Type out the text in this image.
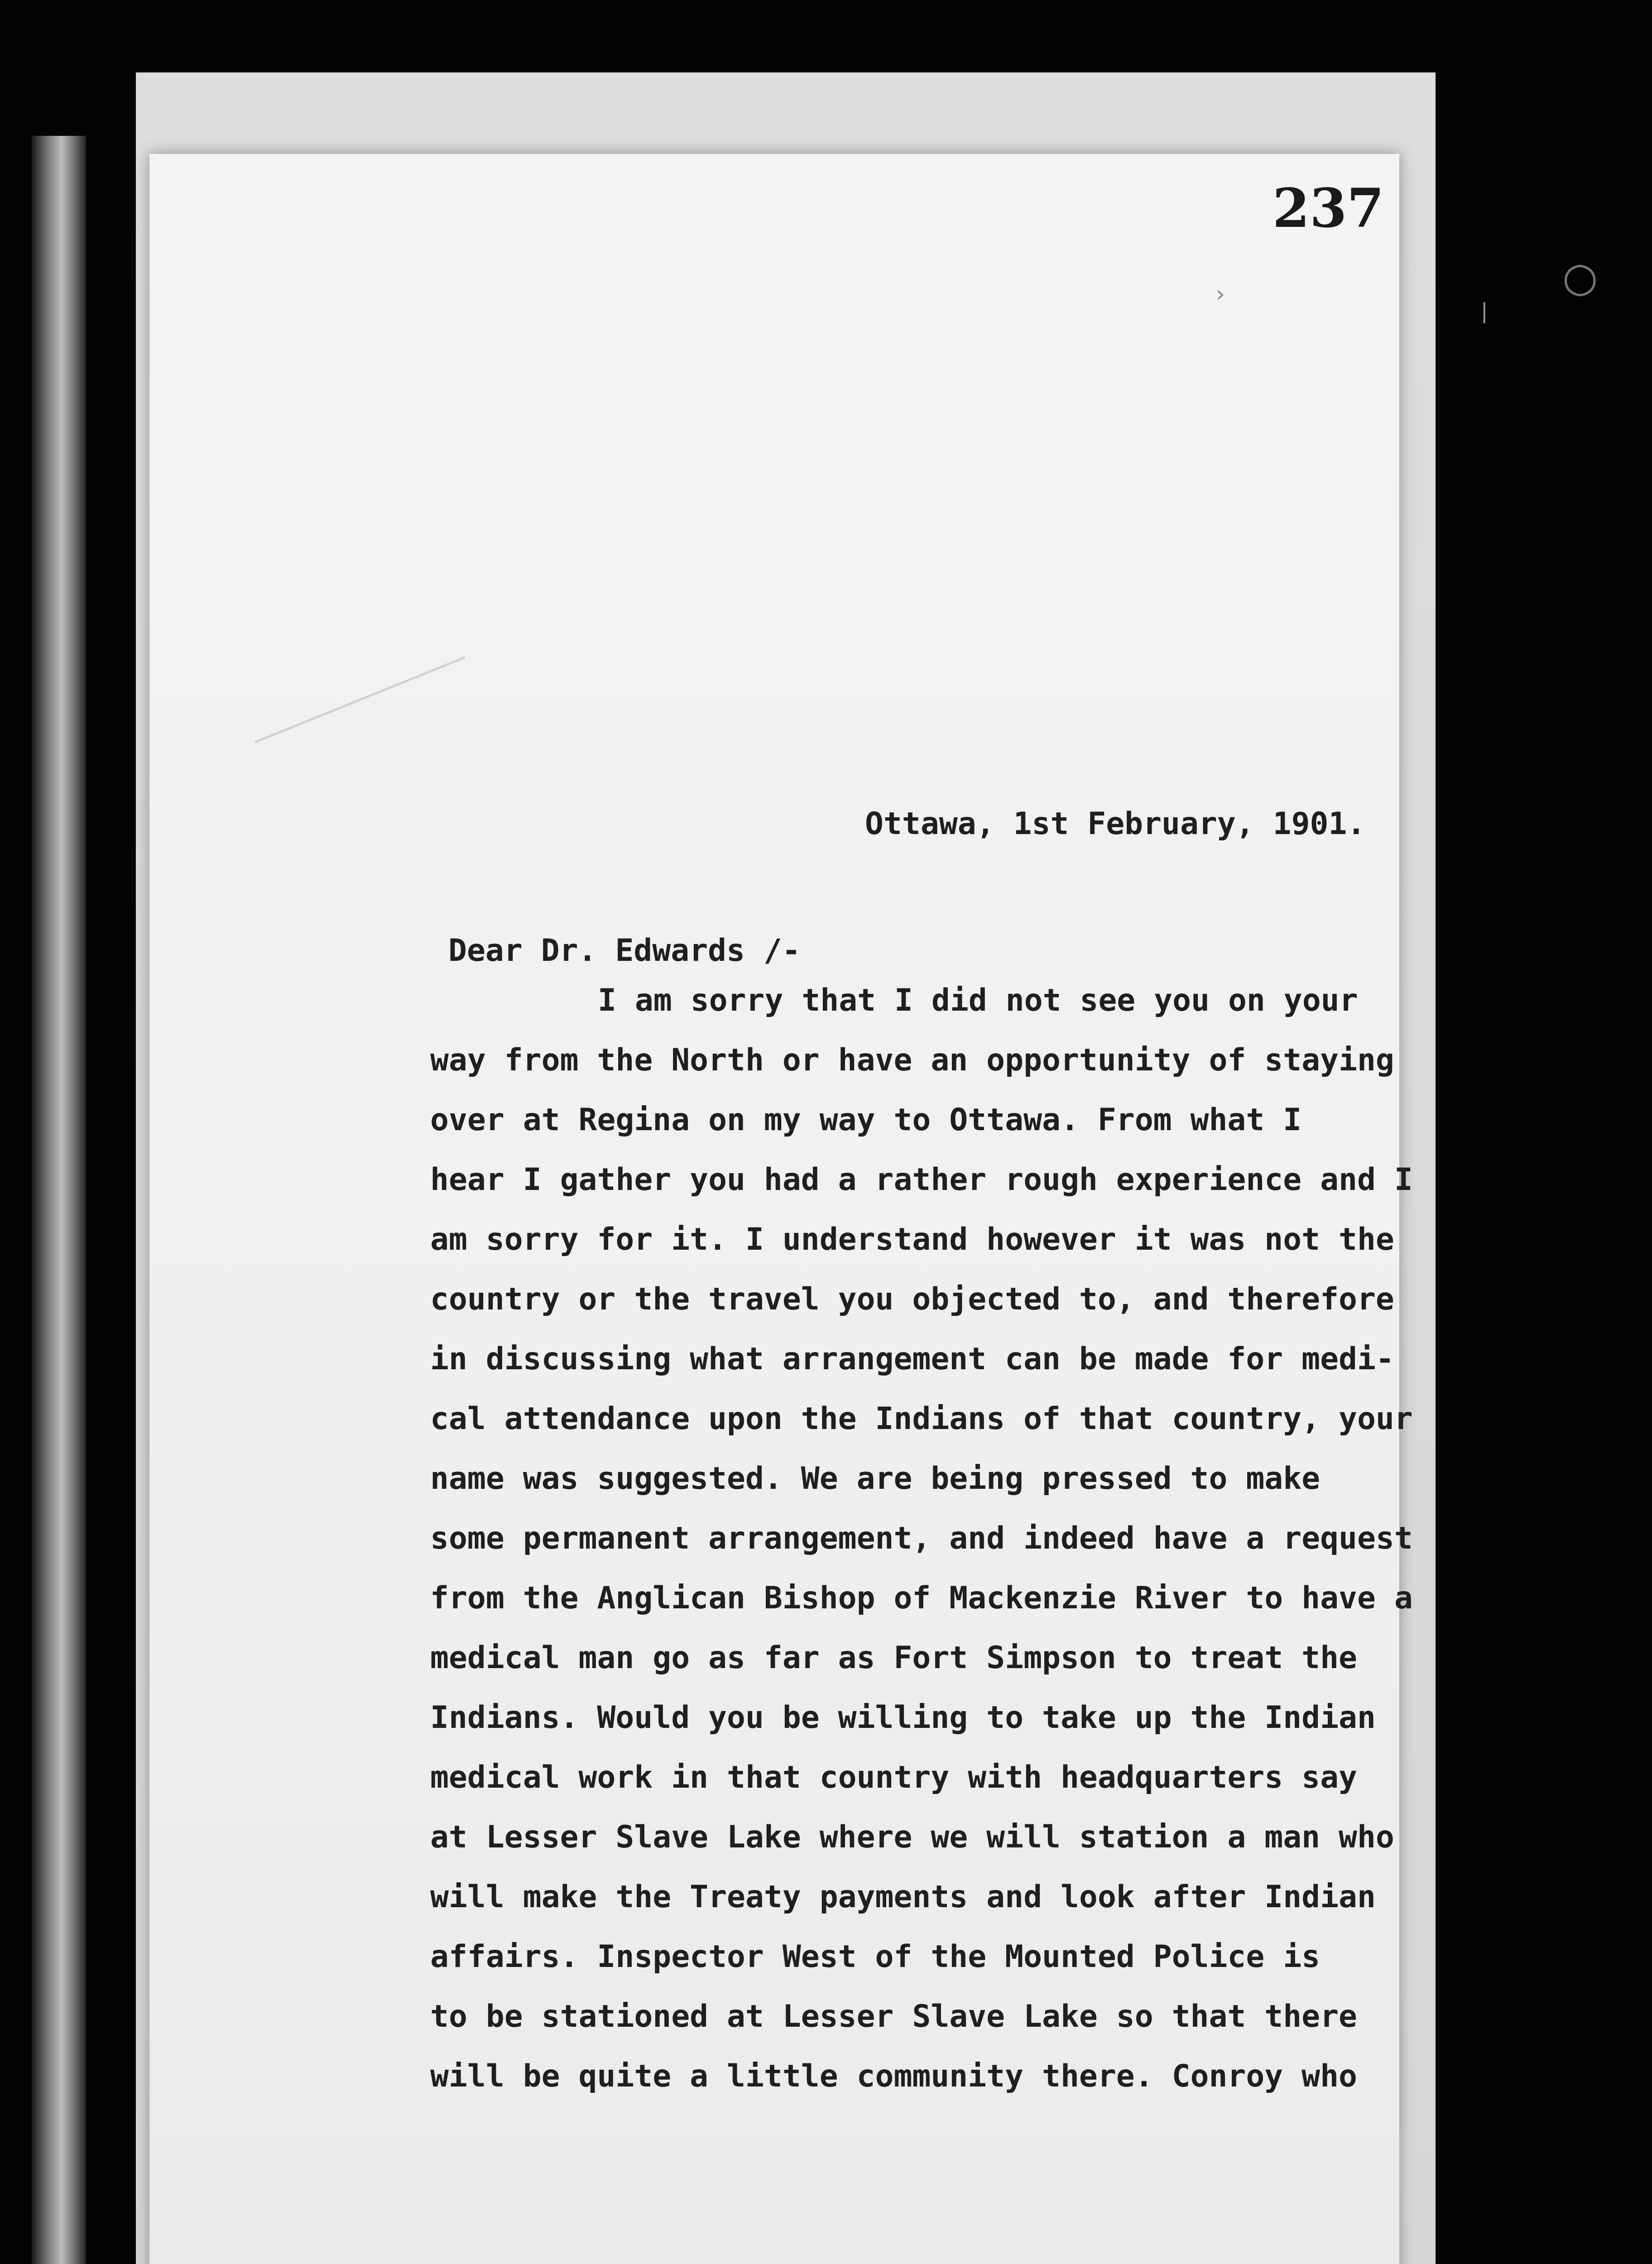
237
›
|
○
Ottawa, 1st February, 1901.
Dear Dr. Edwards /-
I am sorry that I did not see you on your
way from the North or have an opportunity of staying
over at Regina on my way to Ottawa. From what I
hear I gather you had a rather rough experience and I
am sorry for it. I understand however it was not the
country or the travel you objected to, and therefore
in discussing what arrangement can be made for medi-
cal attendance upon the Indians of that country, your
name was suggested. We are being pressed to make
some permanent arrangement, and indeed have a request
from the Anglican Bishop of Mackenzie River to have a
medical man go as far as Fort Simpson to treat the
Indians. Would you be willing to take up the Indian
medical work in that country with headquarters say
at Lesser Slave Lake where we will station a man who
will make the Treaty payments and look after Indian
affairs. Inspector West of the Mounted Police is
to be stationed at Lesser Slave Lake so that there
will be quite a little community there. Conroy who
